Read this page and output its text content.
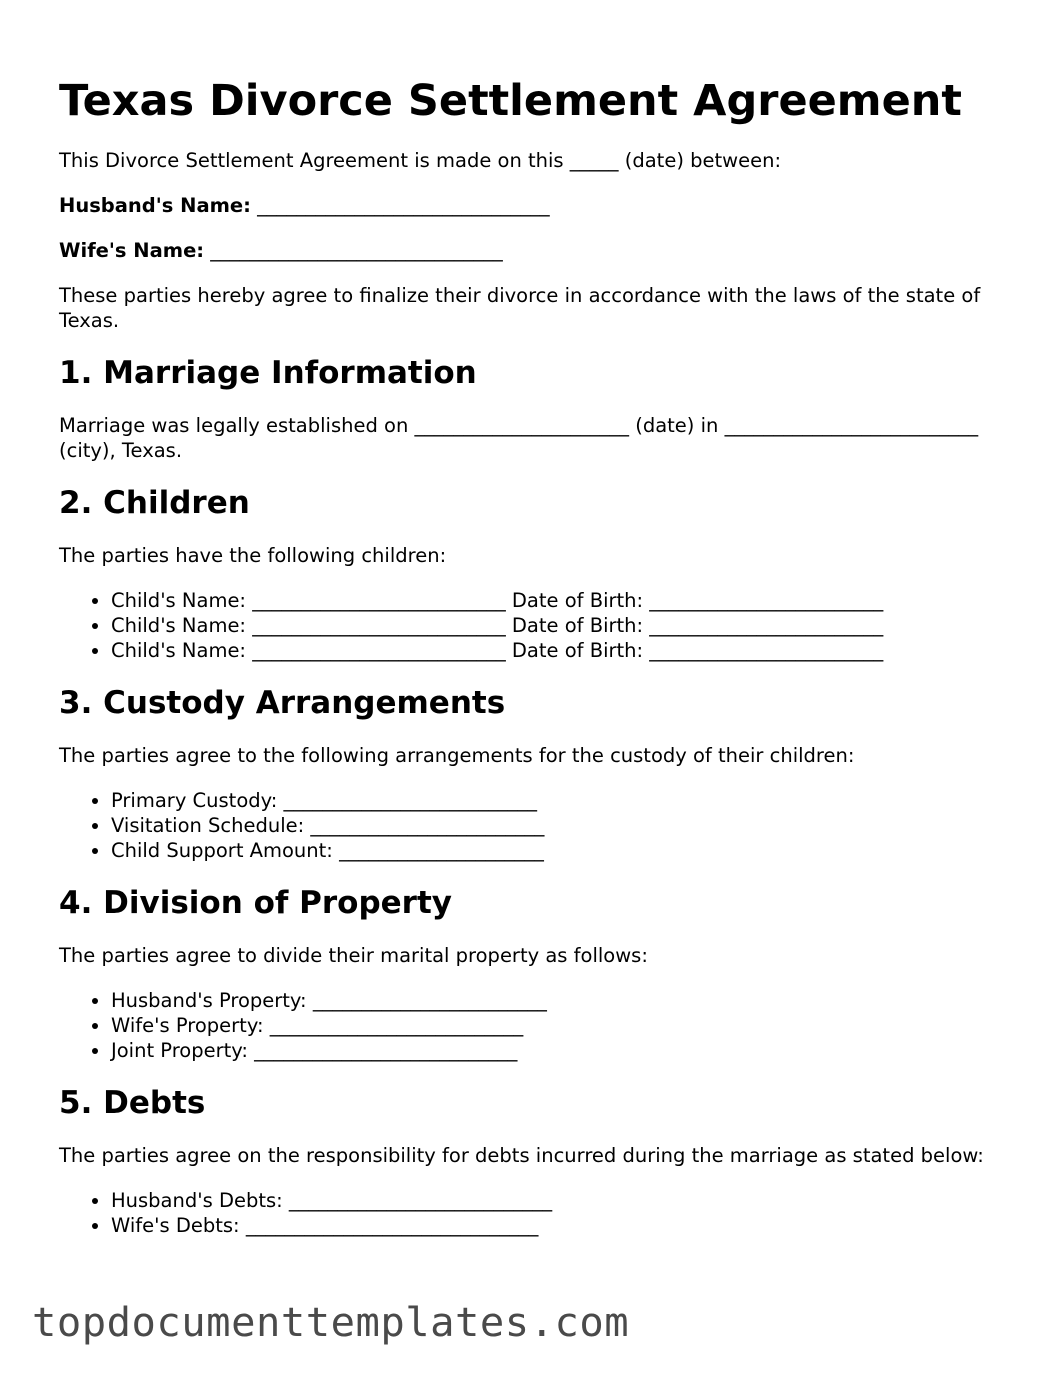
Texas Divorce Settlement Agreement

This Divorce Settlement Agreement is made on this _____ (date) between:

Husband's Name: ______________________________

Wife's Name: ______________________________

These parties hereby agree to finalize their divorce in accordance with the laws of the state of Texas.

1. Marriage Information

Marriage was legally established on ______________________ (date) in __________________________ (city), Texas.

2. Children

The parties have the following children:

• Child's Name: __________________________ Date of Birth: ________________________
• Child's Name: __________________________ Date of Birth: ________________________
• Child's Name: __________________________ Date of Birth: ________________________
3. Custody Arrangements

The parties agree to the following arrangements for the custody of their children:

• Primary Custody: __________________________
• Visitation Schedule: ________________________
• Child Support Amount: _____________________
4. Division of Property

The parties agree to divide their marital property as follows:

• Husband's Property: ________________________
• Wife's Property: __________________________
• Joint Property: ___________________________
5. Debts

The parties agree on the responsibility for debts incurred during the marriage as stated below:

• Husband's Debts: ___________________________
• Wife's Debts: ______________________________
topdocumenttemplates.com
